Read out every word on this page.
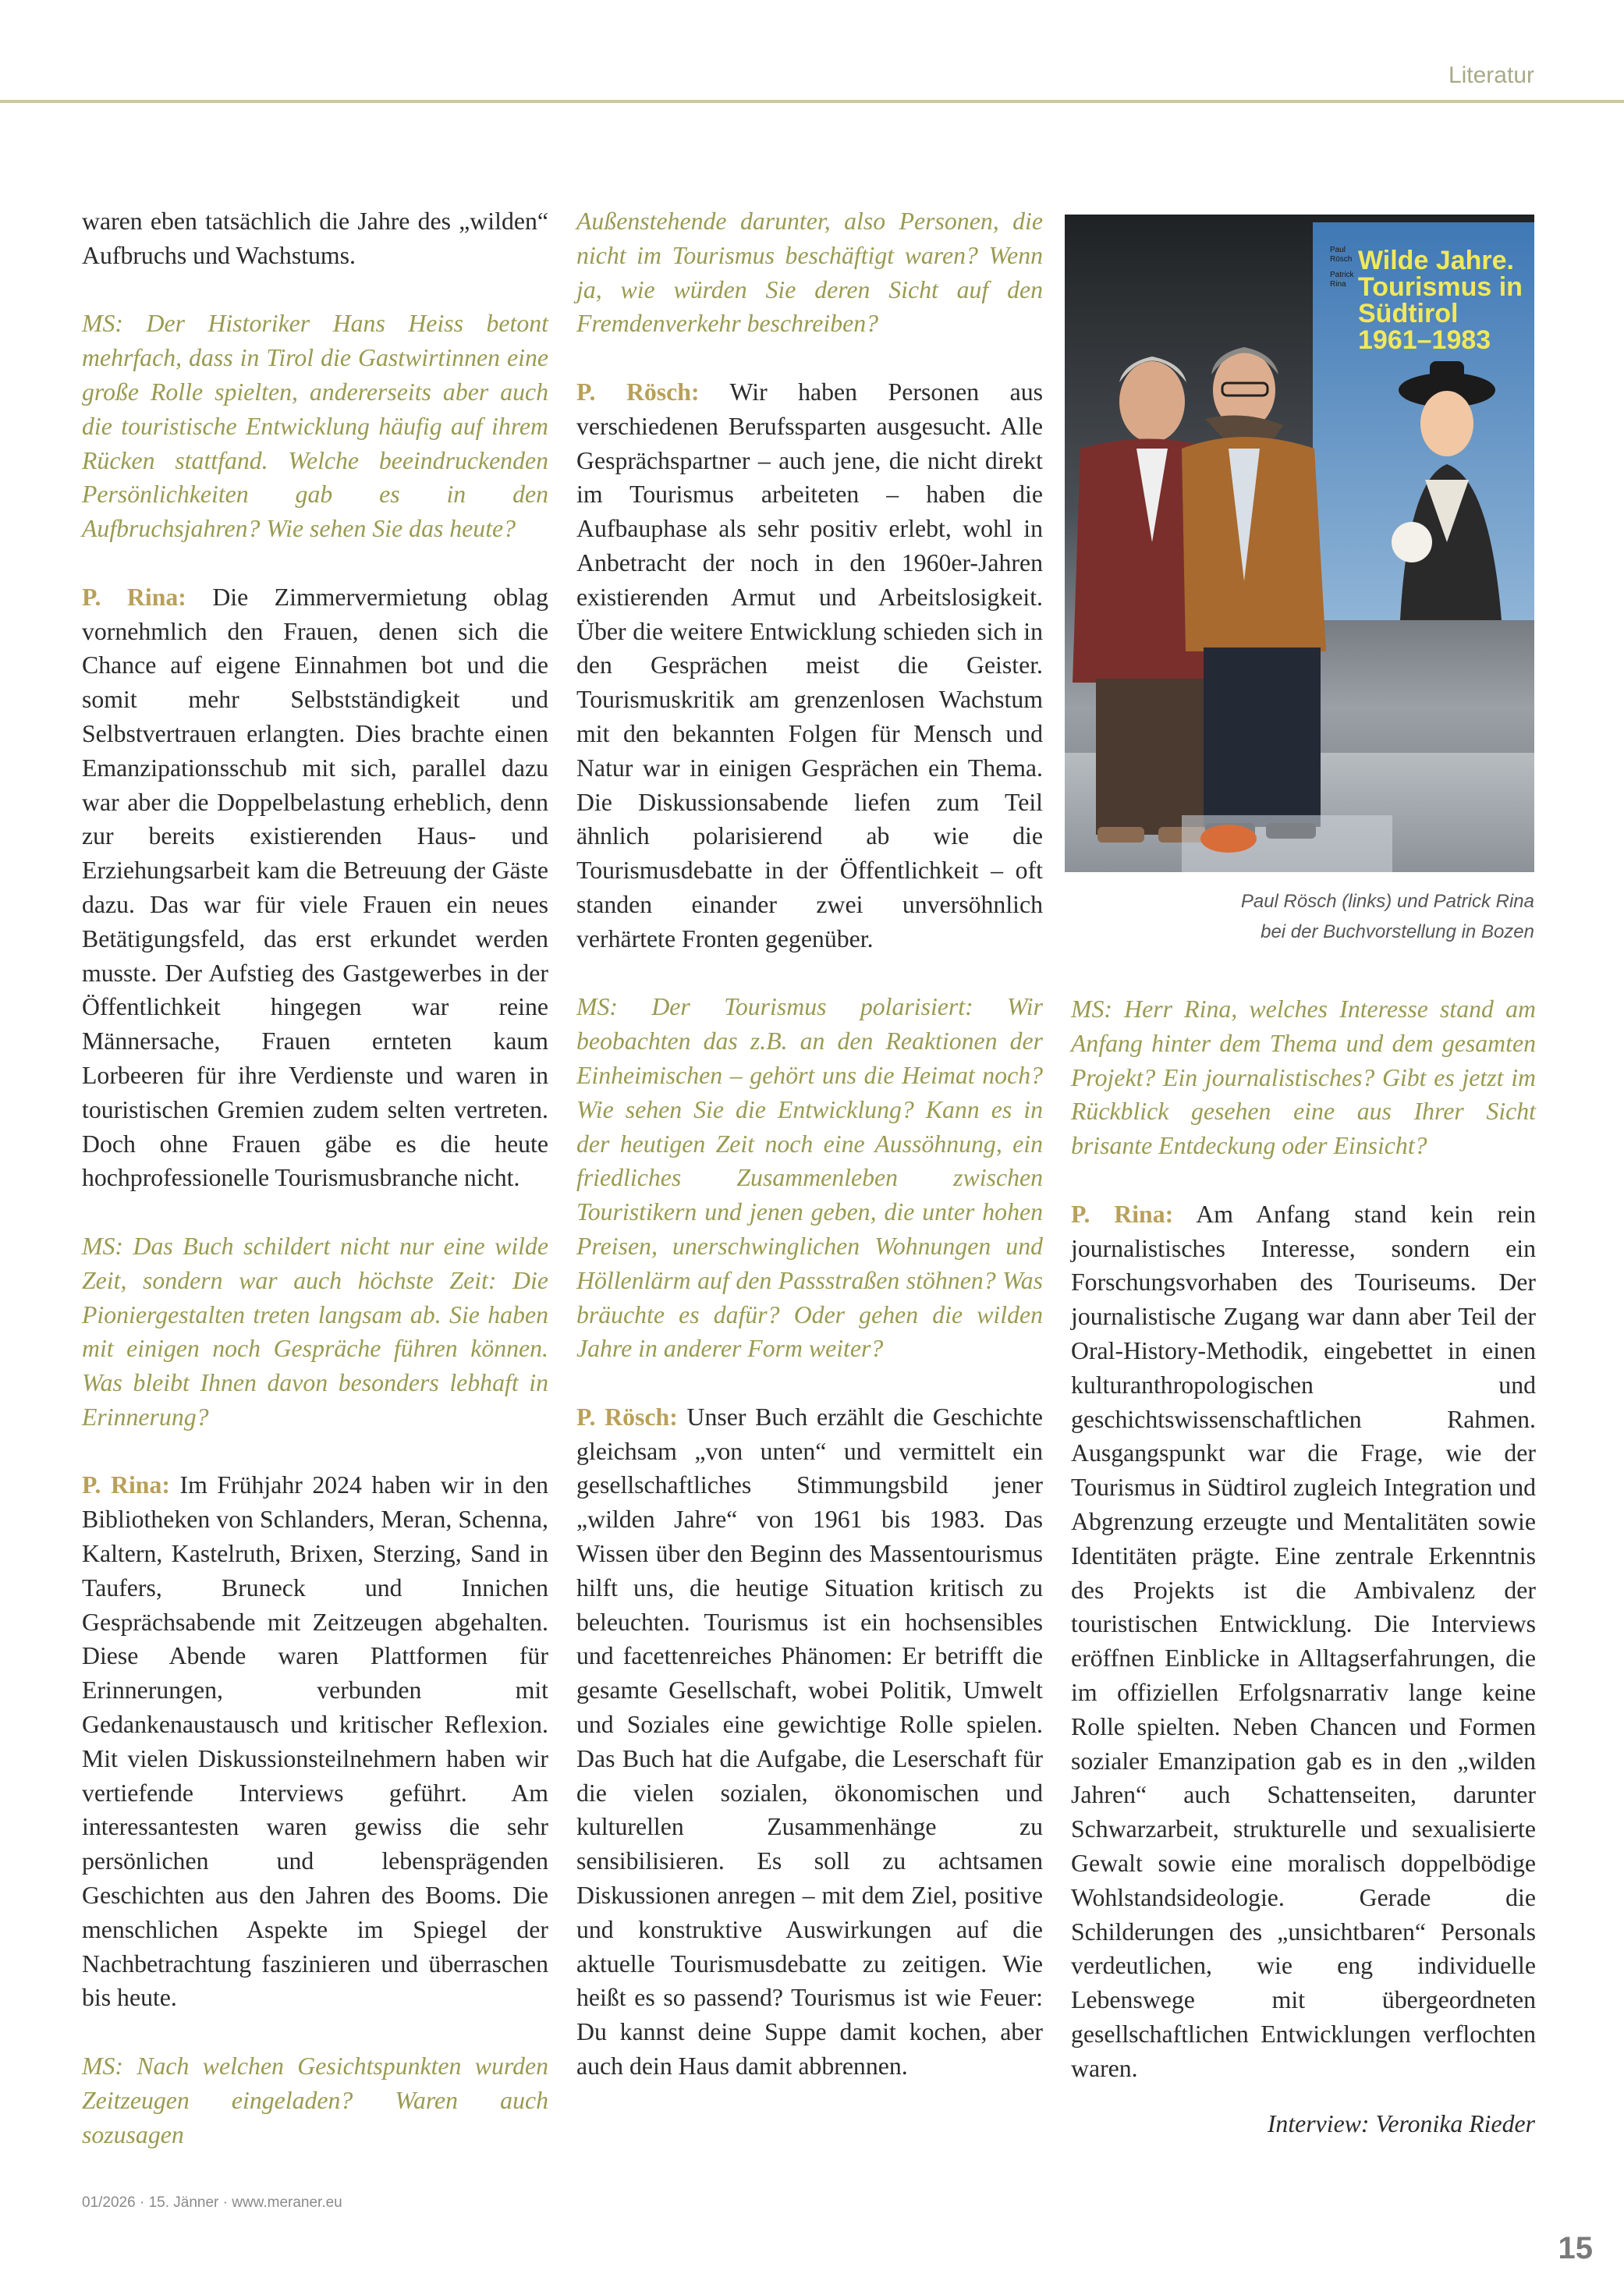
Literatur

waren eben tatsächlich die Jahre des „wilden“ Aufbruchs und Wachstums.

MS: Der Historiker Hans Heiss betont mehrfach, dass in Tirol die Gastwirtinnen eine große Rolle spielten, andererseits aber auch die touristische Entwicklung häufig auf ihrem Rücken stattfand. Welche beeindruckenden Persönlichkeiten gab es in den Aufbruchsjahren? Wie sehen Sie das heute?

P. Rina: Die Zimmervermietung oblag vornehmlich den Frauen, denen sich die Chance auf eigene Einnahmen bot und die somit mehr Selbstständigkeit und Selbstvertrauen erlangten. Dies brachte einen Emanzipationsschub mit sich, parallel dazu war aber die Doppelbelastung erheblich, denn zur bereits existierenden Haus- und Erziehungsarbeit kam die Betreuung der Gäste dazu. Das war für viele Frauen ein neues Betätigungsfeld, das erst erkundet werden musste. Der Aufstieg des Gastgewerbes in der Öffentlichkeit hingegen war reine Männersache, Frauen ernteten kaum Lorbeeren für ihre Verdienste und waren in touristischen Gremien zudem selten vertreten. Doch ohne Frauen gäbe es die heute hochprofessionelle Tourismusbranche nicht.

MS: Das Buch schildert nicht nur eine wilde Zeit, sondern war auch höchste Zeit: Die Pioniergestalten treten langsam ab. Sie haben mit einigen noch Gespräche führen können. Was bleibt Ihnen davon besonders lebhaft in Erinnerung?

P. Rina: Im Frühjahr 2024 haben wir in den Bibliotheken von Schlanders, Meran, Schenna, Kaltern, Kastelruth, Brixen, Sterzing, Sand in Taufers, Bruneck und Innichen Gesprächsabende mit Zeitzeugen abgehalten. Diese Abende waren Plattformen für Erinnerungen, verbunden mit Gedankenaustausch und kritischer Reflexion. Mit vielen Diskussionsteilnehmern haben wir vertiefende Interviews geführt. Am interessantesten waren gewiss die sehr persönlichen und lebensprägenden Geschichten aus den Jahren des Booms. Die menschlichen Aspekte im Spiegel der Nachbetrachtung faszinieren und überraschen bis heute.

MS: Nach welchen Gesichtspunkten wurden Zeitzeugen eingeladen? Waren auch sozusagen

Außenstehende darunter, also Personen, die nicht im Tourismus beschäftigt waren? Wenn ja, wie würden Sie deren Sicht auf den Fremdenverkehr beschreiben?

P. Rösch: Wir haben Personen aus verschiedenen Berufssparten ausgesucht. Alle Gesprächspartner – auch jene, die nicht direkt im Tourismus arbeiteten – haben die Aufbauphase als sehr positiv erlebt, wohl in Anbetracht der noch in den 1960er-Jahren existierenden Armut und Arbeitslosigkeit. Über die weitere Entwicklung schieden sich in den Gesprächen meist die Geister. Tourismuskritik am grenzenlosen Wachstum mit den bekannten Folgen für Mensch und Natur war in einigen Gesprächen ein Thema. Die Diskussionsabende liefen zum Teil ähnlich polarisierend ab wie die Tourismusdebatte in der Öffentlichkeit – oft standen einander zwei unversöhnlich verhärtete Fronten gegenüber.

MS: Der Tourismus polarisiert: Wir beobachten das z.B. an den Reaktionen der Einheimischen – gehört uns die Heimat noch? Wie sehen Sie die Entwicklung? Kann es in der heutigen Zeit noch eine Aussöhnung, ein friedliches Zusammenleben zwischen Touristikern und jenen geben, die unter hohen Preisen, unerschwinglichen Wohnungen und Höllenlärm auf den Passstraßen stöhnen? Was bräuchte es dafür? Oder gehen die wilden Jahre in anderer Form weiter?

P. Rösch: Unser Buch erzählt die Geschichte gleichsam „von unten“ und vermittelt ein gesellschaftliches Stimmungsbild jener „wilden Jahre“ von 1961 bis 1983. Das Wissen über den Beginn des Massentourismus hilft uns, die heutige Situation kritisch zu beleuchten. Tourismus ist ein hochsensibles und facettenreiches Phänomen: Er betrifft die gesamte Gesellschaft, wobei Politik, Umwelt und Soziales eine gewichtige Rolle spielen. Das Buch hat die Aufgabe, die Leserschaft für die vielen sozialen, ökonomischen und kulturellen Zusammenhänge zu sensibilisieren. Es soll zu achtsamen Diskussionen anregen – mit dem Ziel, positive und konstruktive Auswirkungen auf die aktuelle Tourismusdebatte zu zeitigen. Wie heißt es so passend? Tourismus ist wie Feuer: Du kannst deine Suppe damit kochen, aber auch dein Haus damit abbrennen.

MS: Herr Rina, welches Interesse stand am Anfang hinter dem Thema und dem gesamten Projekt? Ein journalistisches? Gibt es jetzt im Rückblick gesehen eine aus Ihrer Sicht brisante Entdeckung oder Einsicht?

P. Rina: Am Anfang stand kein rein journalistisches Interesse, sondern ein Forschungsvorhaben des Touriseums. Der journalistische Zugang war dann aber Teil der Oral-History-Methodik, eingebettet in einen kulturanthropologischen und geschichtswissenschaftlichen Rahmen. Ausgangspunkt war die Frage, wie der Tourismus in Südtirol zugleich Integration und Abgrenzung erzeugte und Mentalitäten sowie Identitäten prägte. Eine zentrale Erkenntnis des Projekts ist die Ambivalenz der touristischen Entwicklung. Die Interviews eröffnen Einblicke in Alltagserfahrungen, die im offiziellen Erfolgsnarrativ lange keine Rolle spielten. Neben Chancen und Formen sozialer Emanzipation gab es in den „wilden Jahren“ auch Schattenseiten, darunter Schwarzarbeit, strukturelle und sexualisierte Gewalt sowie eine moralisch doppelbödige Wohlstandsideologie. Gerade die Schilderungen des „unsichtbaren“ Personals verdeutlichen, wie eng individuelle Lebenswege mit übergeordneten gesellschaftlichen Entwicklungen verflochten waren.

Paul
Rösch
Patrick
Rina
Wilde Jahre.
Tourismus in
Südtirol
1961–1983
Paul Rösch (links) und Patrick Rina
bei der Buchvorstellung in Bozen
Interview: Veronika Rieder
01/2026 · 15. Jänner · www.meraner.eu
15
